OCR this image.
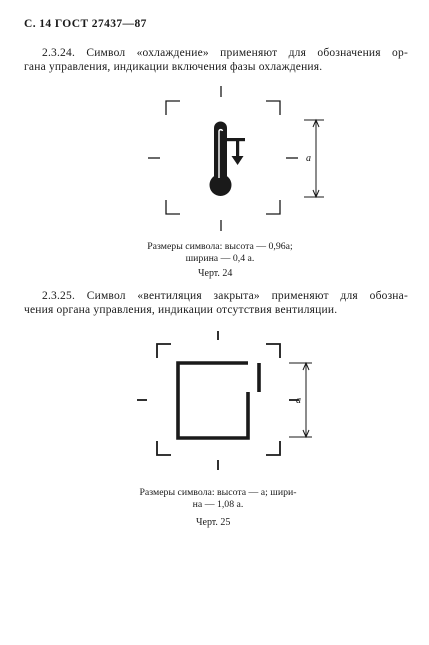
С. 14 ГОСТ 27437—87
2.3.24. Символ «охлаждение» применяют для обозначения ор-
гана управления, индикации включения фазы охлаждения.
a
Размеры символа: высота — 0,96a;
ширина — 0,4 a.
Черт. 24
2.3.25. Символ «вентиляция закрыта» применяют для обозна-
чения органа управления, индикации отсутствия вентиляции.
a
Размеры символа: высота — a; шири-
на — 1,08 a.
Черт. 25
